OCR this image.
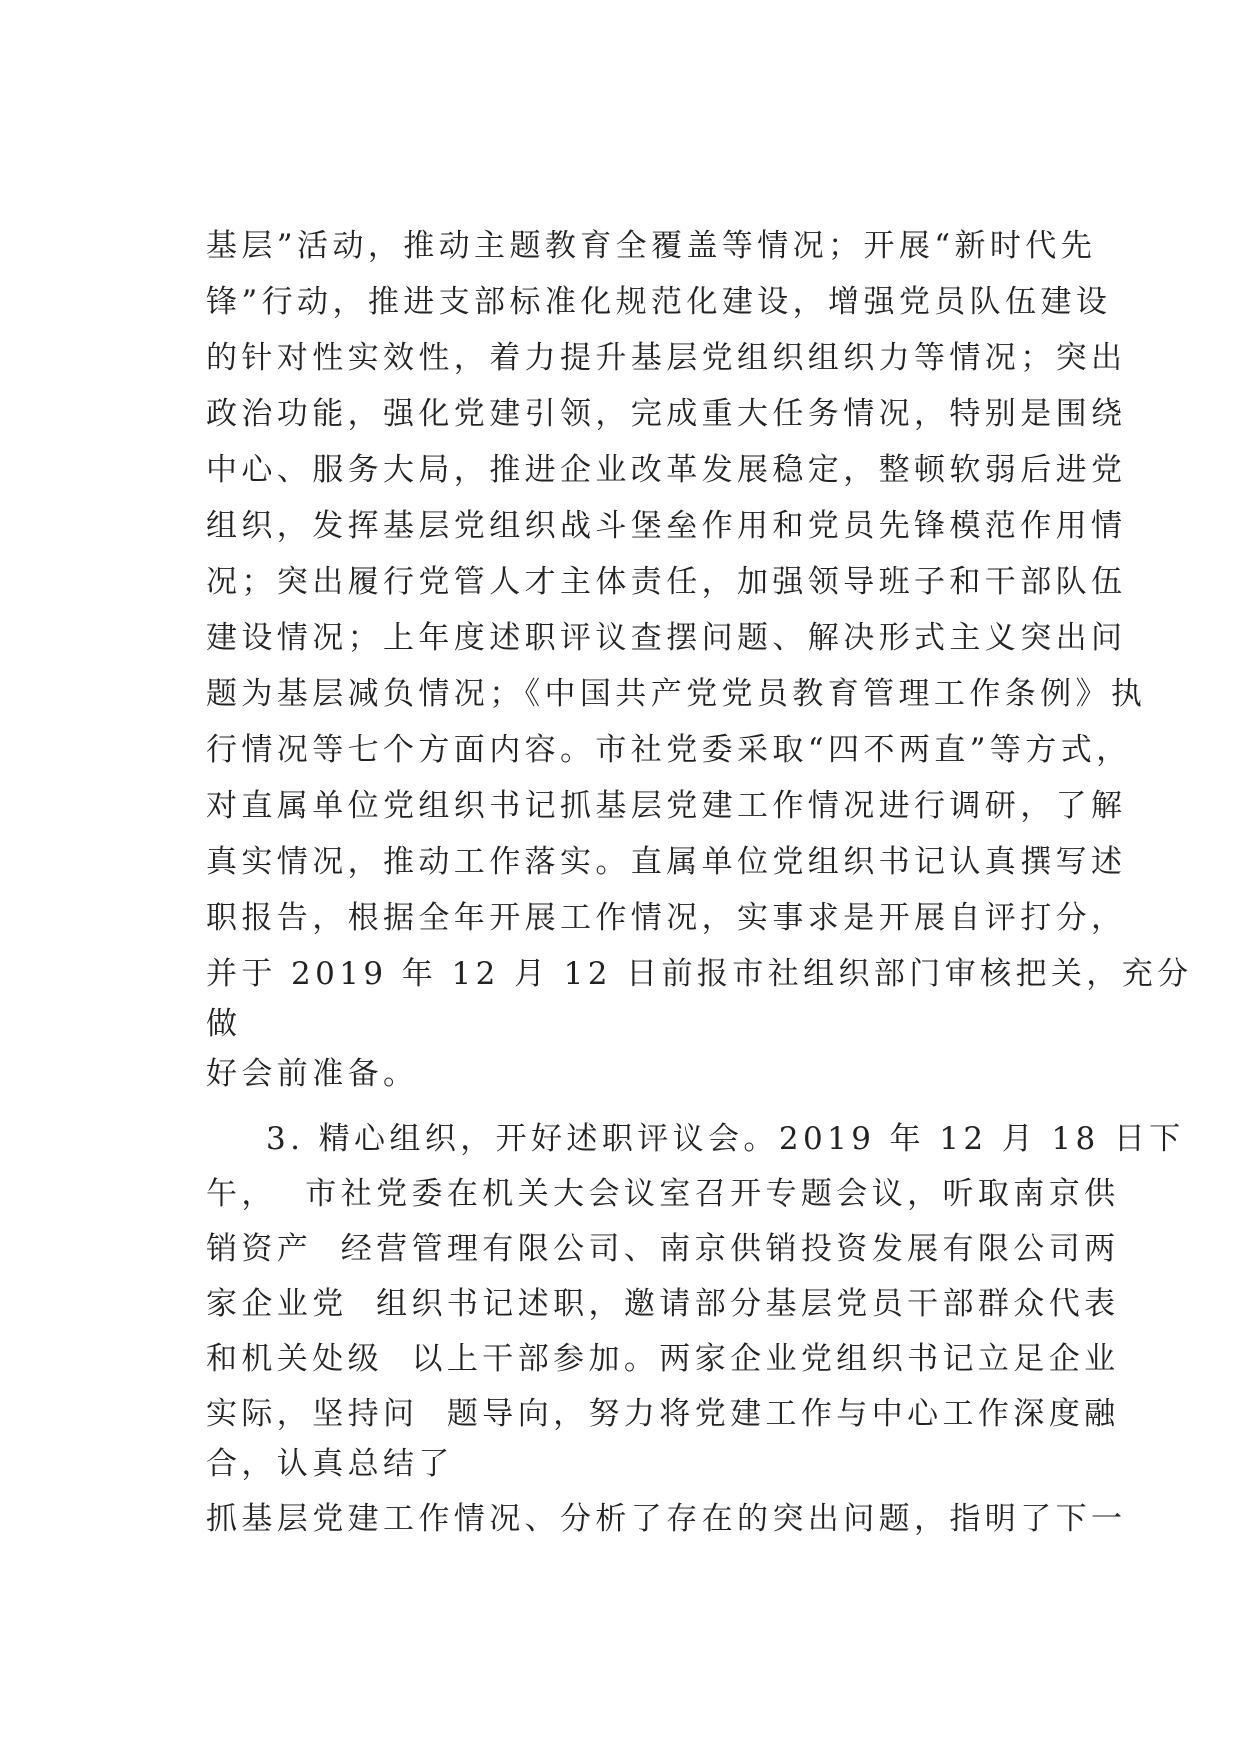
基层”活动，推动主题教育全覆盖等情况；开展“新时代先
锋”行动，推进支部标准化规范化建设，增强党员队伍建设
的针对性实效性，着力提升基层党组织组织力等情况；突出
政治功能，强化党建引领，完成重大任务情况，特别是围绕
中心、服务大局，推进企业改革发展稳定，整顿软弱后进党
组织，发挥基层党组织战斗堡垒作用和党员先锋模范作用情
况；突出履行党管人才主体责任，加强领导班子和干部队伍
建设情况；上年度述职评议查摆问题、解决形式主义突出问
题为基层减负情况；《中国共产党党员教育管理工作条例》执
行情况等七个方面内容。市社党委采取“四不两直”等方式，
对直属单位党组织书记抓基层党建工作情况进行调研，了解
真实情况，推动工作落实。直属单位党组织书记认真撰写述
职报告，根据全年开展工作情况，实事求是开展自评打分，
并于 2019 年 12 月 12 日前报市社组织部门审核把关，充分
做
好会前准备。
3. 精心组织，开好述职评议会。2019 年 12 月 18 日下
午，  市社党委在机关大会议室召开专题会议，听取南京供
销资产  经营管理有限公司、南京供销投资发展有限公司两
家企业党  组织书记述职，邀请部分基层党员干部群众代表
和机关处级  以上干部参加。两家企业党组织书记立足企业
实际，坚持问  题导向，努力将党建工作与中心工作深度融
合，认真总结了
抓基层党建工作情况、分析了存在的突出问题，指明了下一
